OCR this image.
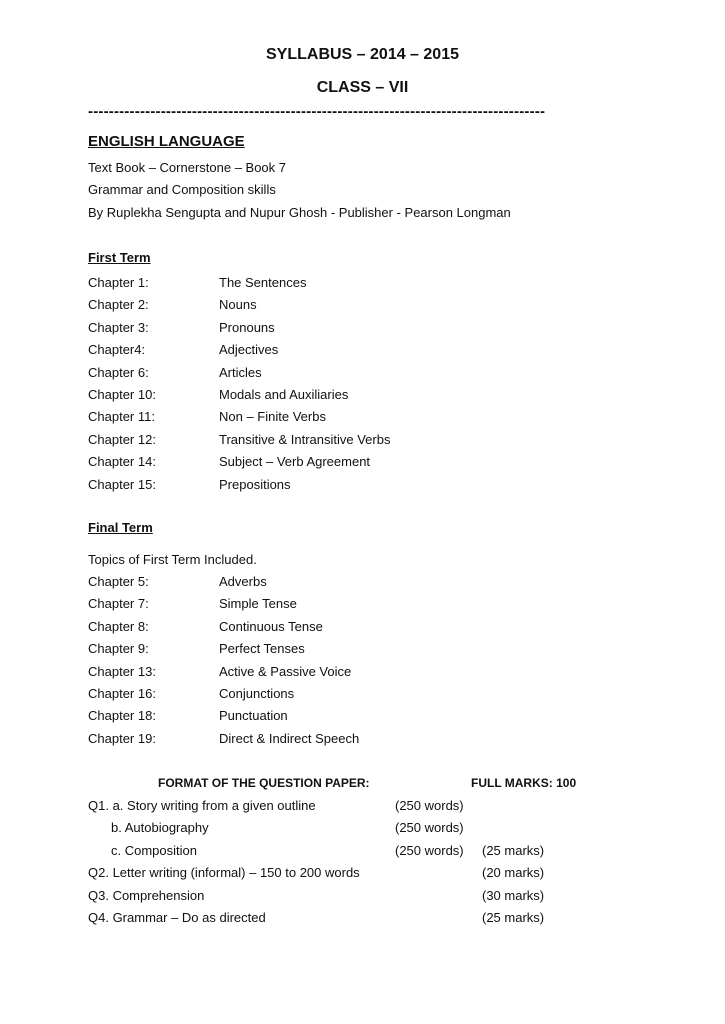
SYLLABUS – 2014 – 2015
CLASS – VII
----------------------------------------------------------------------------------------
ENGLISH LANGUAGE
Text Book – Cornerstone – Book 7
Grammar and Composition skills
By Ruplekha Sengupta and Nupur Ghosh - Publisher - Pearson Longman
First Term
Chapter 1:	The Sentences
Chapter 2:	Nouns
Chapter 3:	Pronouns
Chapter4:	Adjectives
Chapter 6:	Articles
Chapter 10:	Modals and Auxiliaries
Chapter 11:	Non – Finite Verbs
Chapter 12:	Transitive & Intransitive Verbs
Chapter 14:	Subject – Verb Agreement
Chapter 15:	Prepositions
Final Term
Topics of First Term Included.
Chapter 5:	Adverbs
Chapter 7:	Simple Tense
Chapter 8:	Continuous Tense
Chapter 9:	Perfect Tenses
Chapter 13:	Active & Passive Voice
Chapter 16:	Conjunctions
Chapter 18:	Punctuation
Chapter 19:	Direct & Indirect Speech
FORMAT OF THE QUESTION PAPER:	FULL MARKS: 100
Q1. a. Story writing from a given outline	(250 words)
b. Autobiography	(250 words)
c. Composition	(250 words) (25 marks)
Q2. Letter writing (informal) – 150 to 200 words	(20 marks)
Q3. Comprehension	(30 marks)
Q4. Grammar – Do as directed	(25 marks)
